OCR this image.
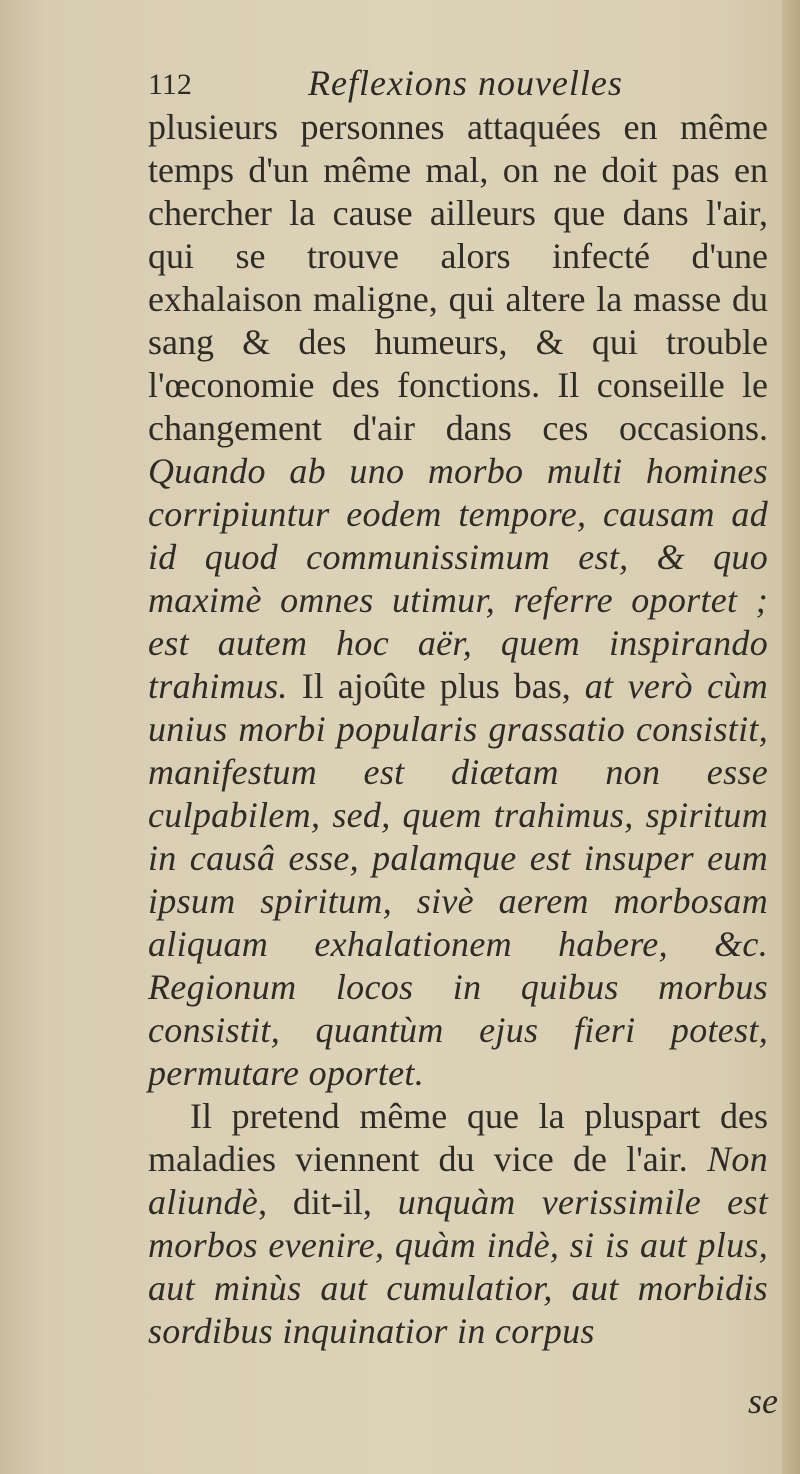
112	Reflexions nouvelles

plusieurs personnes attaquées en même temps d'un même mal, on ne doit pas en chercher la cause ailleurs que dans l'air, qui se trouve alors infecté d'une exhalaison maligne, qui altere la masse du sang & des humeurs, & qui trouble l'œconomie des fonctions. Il conseille le changement d'air dans ces occasions. Quando ab uno morbo multi homines corripiuntur eodem tempore, causam ad id quod communissimum est, & quo maximè omnes utimur, referre oportet ; est autem hoc aër, quem inspirando trahimus. Il ajoûte plus bas, at verò cùm unius morbi popularis grassatio consistit, manifestum est diætam non esse culpabilem, sed, quem trahimus, spiritum in causâ esse, palamque est insuper eum ipsum spiritum, sivè aerem morbosam aliquam exhalationem habere, &c. Regionum locos in quibus morbus consistit, quantùm ejus fieri potest, permutare oportet.

Il pretend même que la pluspart des maladies viennent du vice de l'air. Non aliundè, dit-il, unquàm verissimile est morbos evenire, quàm indè, si is aut plus, aut minùs aut cumulatior, aut morbidis sordibus inquinatior in corpus

se
